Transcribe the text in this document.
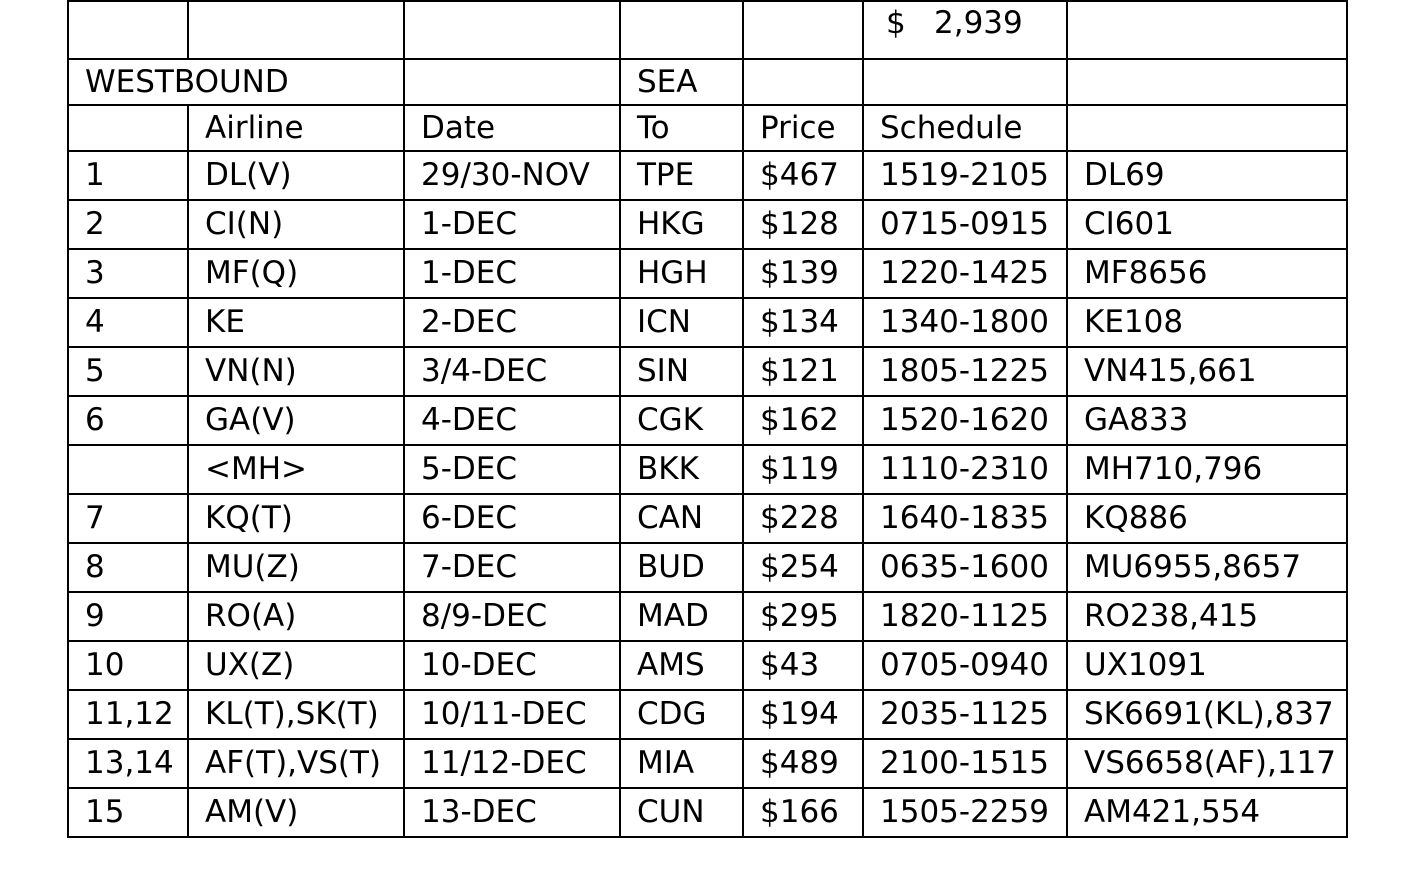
					$ 2,939	
WESTBOUND			SEA			
	Airline	Date	To	Price	Schedule	
1	DL(V)	29/30-NOV	TPE	$467	1519-2105	DL69
2	CI(N)	1-DEC	HKG	$128	0715-0915	CI601
3	MF(Q)	1-DEC	HGH	$139	1220-1425	MF8656
4	KE	2-DEC	ICN	$134	1340-1800	KE108
5	VN(N)	3/4-DEC	SIN	$121	1805-1225	VN415,661
6	GA(V)	4-DEC	CGK	$162	1520-1620	GA833
	<MH>	5-DEC	BKK	$119	1110-2310	MH710,796
7	KQ(T)	6-DEC	CAN	$228	1640-1835	KQ886
8	MU(Z)	7-DEC	BUD	$254	0635-1600	MU6955,8657
9	RO(A)	8/9-DEC	MAD	$295	1820-1125	RO238,415
10	UX(Z)	10-DEC	AMS	$43	0705-0940	UX1091
11,12	KL(T),SK(T)	10/11-DEC	CDG	$194	2035-1125	SK6691(KL),837
13,14	AF(T),VS(T)	11/12-DEC	MIA	$489	2100-1515	VS6658(AF),117
15	AM(V)	13-DEC	CUN	$166	1505-2259	AM421,554
